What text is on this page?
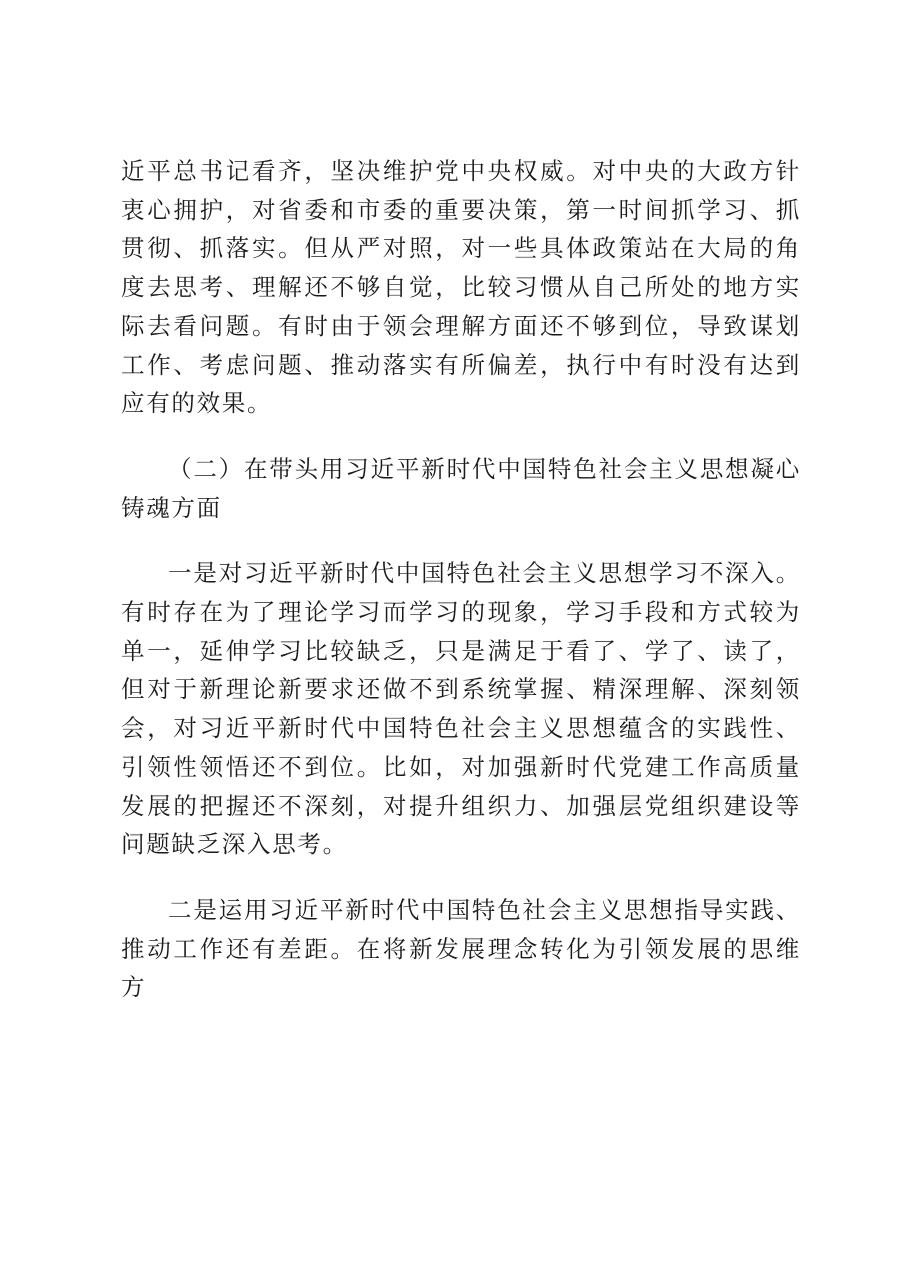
近平总书记看齐，坚决维护党中央权威。对中央的大政方针衷心拥护，对省委和市委的重要决策，第一时间抓学习、抓贯彻、抓落实。但从严对照，对一些具体政策站在大局的角度去思考、理解还不够自觉，比较习惯从自己所处的地方实际去看问题。有时由于领会理解方面还不够到位，导致谋划工作、考虑问题、推动落实有所偏差，执行中有时没有达到应有的效果。

（二）在带头用习近平新时代中国特色社会主义思想凝心铸魂方面

一是对习近平新时代中国特色社会主义思想学习不深入。有时存在为了理论学习而学习的现象，学习手段和方式较为单一，延伸学习比较缺乏，只是满足于看了、学了、读了，但对于新理论新要求还做不到系统掌握、精深理解、深刻领会，对习近平新时代中国特色社会主义思想蕴含的实践性、引领性领悟还不到位。比如，对加强新时代党建工作高质量发展的把握还不深刻，对提升组织力、加强层党组织建设等问题缺乏深入思考。

二是运用习近平新时代中国特色社会主义思想指导实践、推动工作还有差距。在将新发展理念转化为引领发展的思维方
